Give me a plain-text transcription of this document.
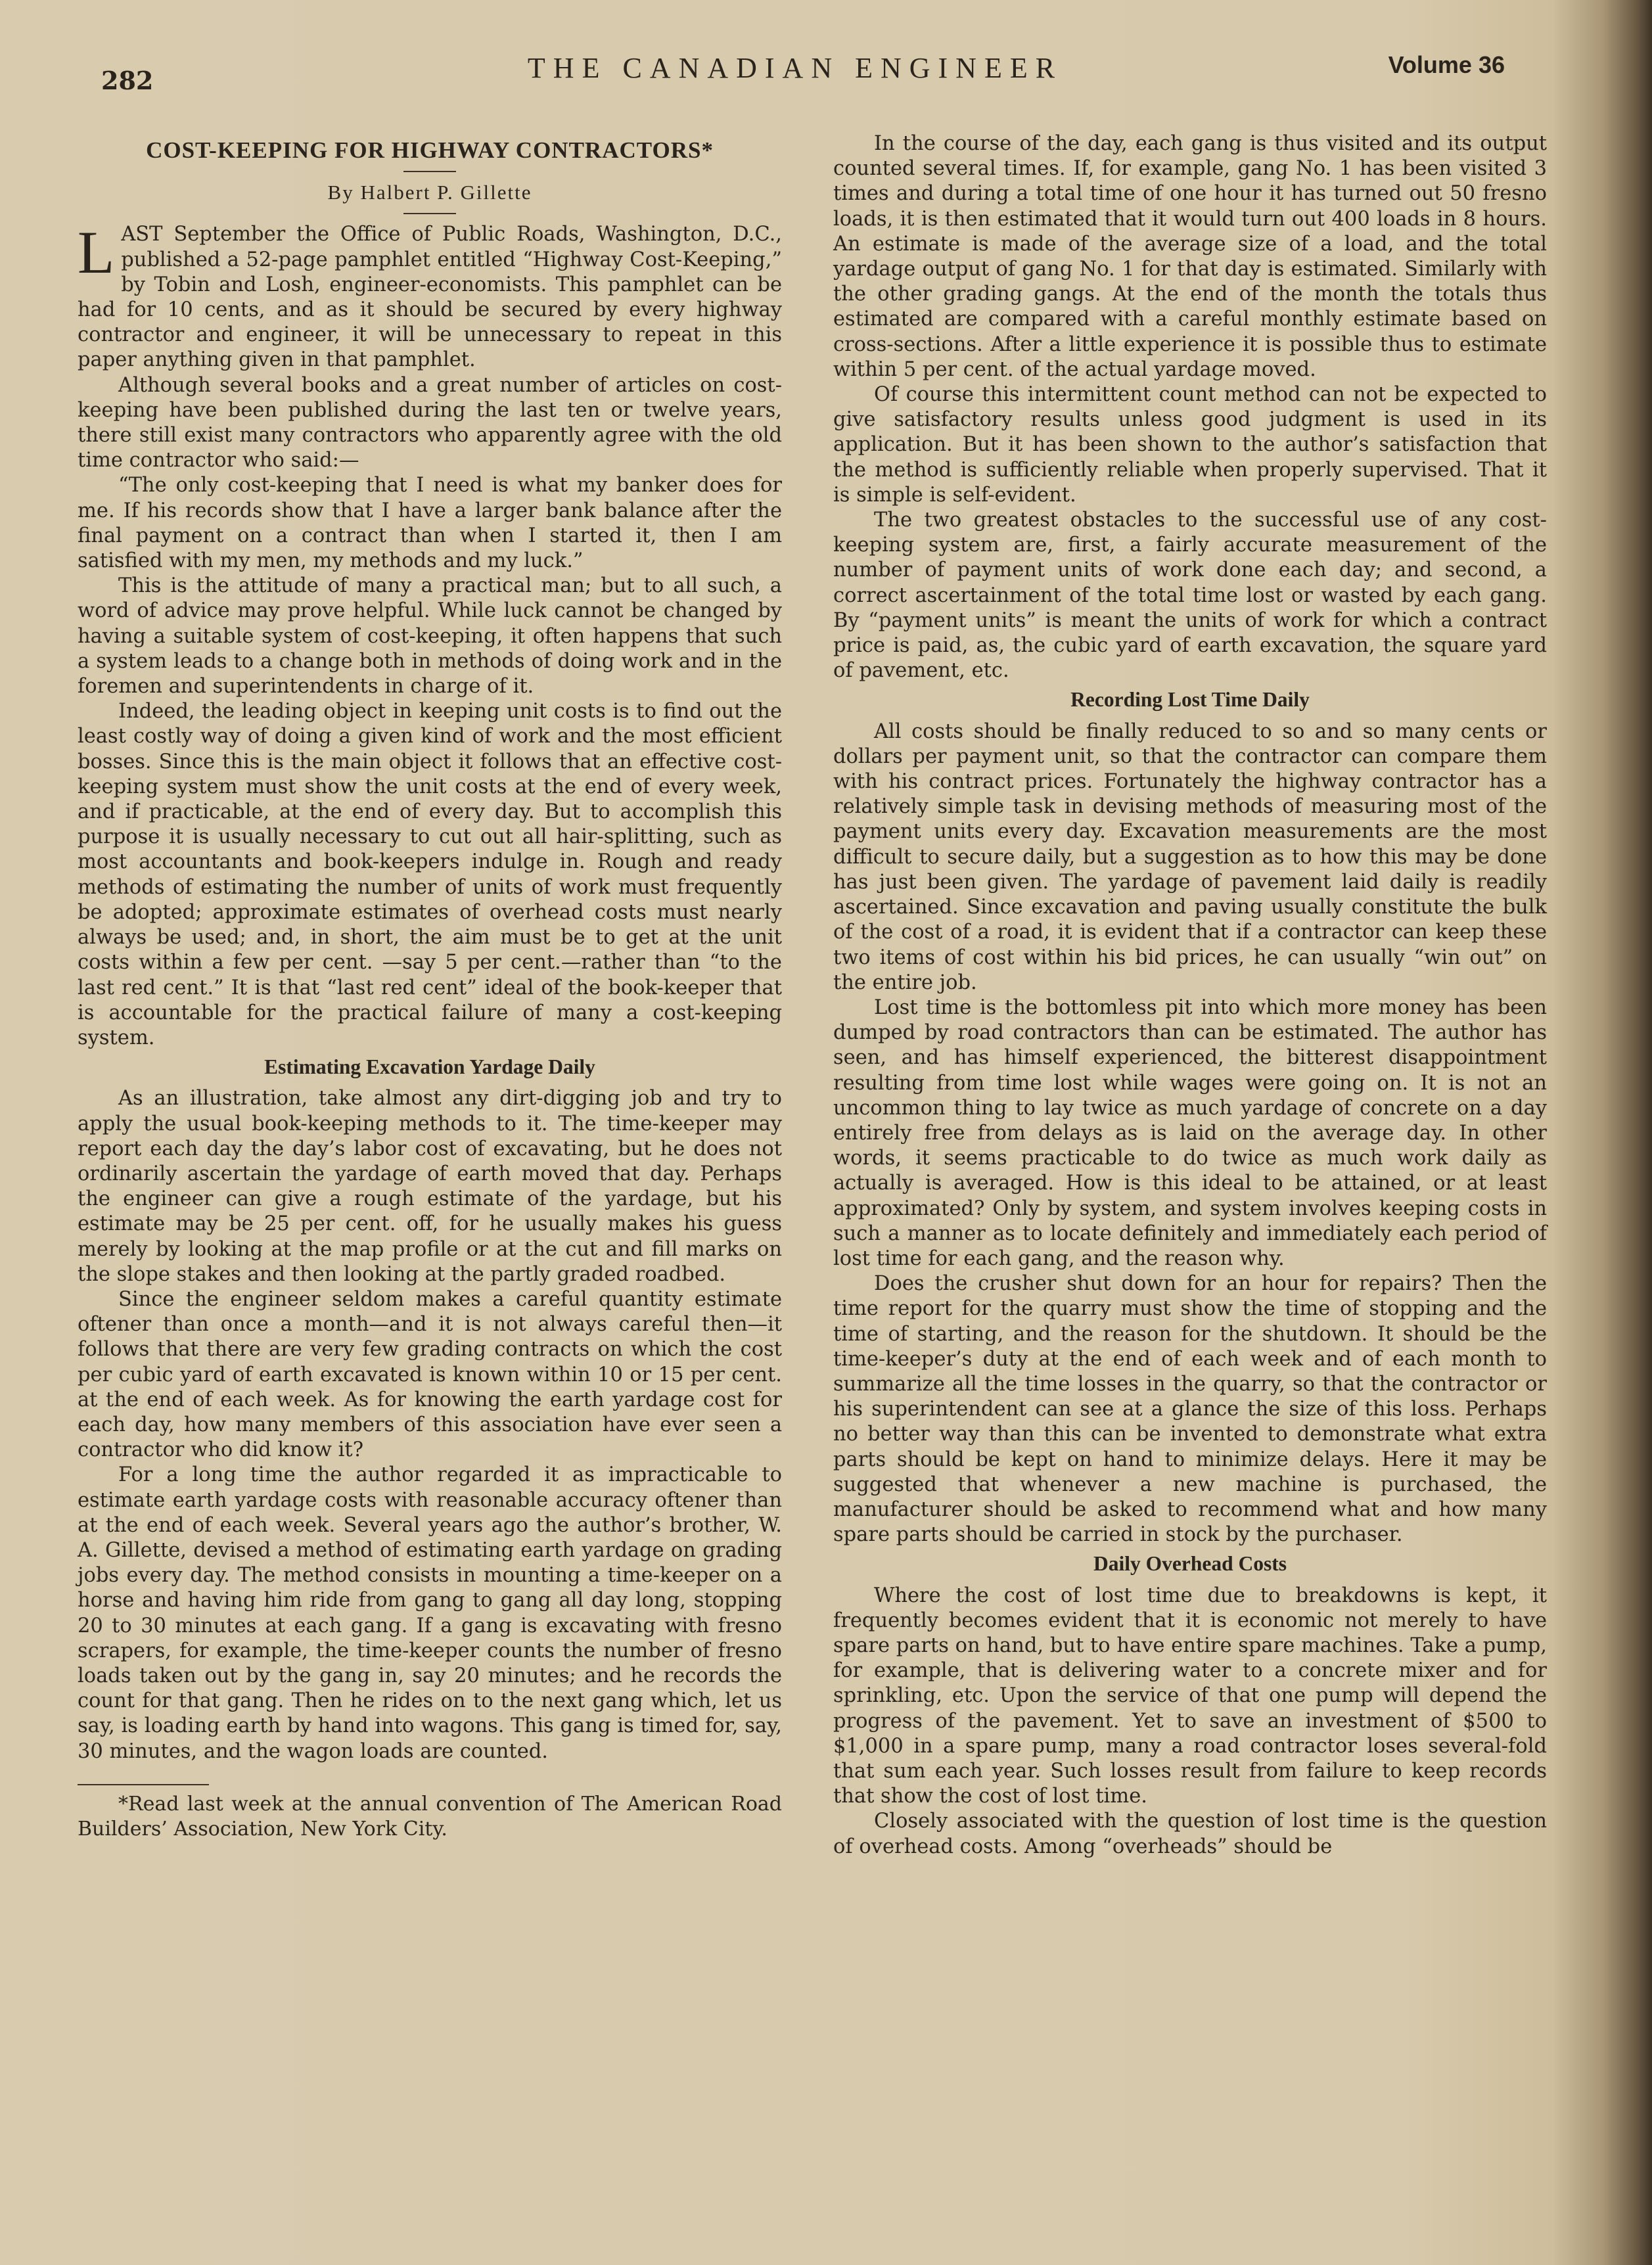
282	THE CANADIAN ENGINEER	Volume 36
COST-KEEPING FOR HIGHWAY CONTRACTORS*
By Halbert P. Gillette

LAST September the Office of Public Roads, Washington, D.C., published a 52-page pamphlet entitled “Highway Cost-Keeping,” by Tobin and Losh, engineer-economists. This pamphlet can be had for 10 cents, and as it should be secured by every highway contractor and engineer, it will be unnecessary to repeat in this paper anything given in that pamphlet.

Although several books and a great number of articles on cost-keeping have been published during the last ten or twelve years, there still exist many contractors who apparently agree with the old time contractor who said:—

“The only cost-keeping that I need is what my banker does for me. If his records show that I have a larger bank balance after the final payment on a contract than when I started it, then I am satisfied with my men, my methods and my luck.”

This is the attitude of many a practical man; but to all such, a word of advice may prove helpful. While luck cannot be changed by having a suitable system of cost-keeping, it often happens that such a system leads to a change both in methods of doing work and in the foremen and superintendents in charge of it.

Indeed, the leading object in keeping unit costs is to find out the least costly way of doing a given kind of work and the most efficient bosses. Since this is the main object it follows that an effective cost-keeping system must show the unit costs at the end of every week, and if practicable, at the end of every day. But to accomplish this purpose it is usually necessary to cut out all hair-splitting, such as most accountants and book-keepers indulge in. Rough and ready methods of estimating the number of units of work must frequently be adopted; approximate estimates of overhead costs must nearly always be used; and, in short, the aim must be to get at the unit costs within a few per cent. —say 5 per cent.—rather than “to the last red cent.” It is that “last red cent” ideal of the book-keeper that is accountable for the practical failure of many a cost-keeping system.

Estimating Excavation Yardage Daily

As an illustration, take almost any dirt-digging job and try to apply the usual book-keeping methods to it. The time-keeper may report each day the day’s labor cost of excavating, but he does not ordinarily ascertain the yardage of earth moved that day. Perhaps the engineer can give a rough estimate of the yardage, but his estimate may be 25 per cent. off, for he usually makes his guess merely by looking at the map profile or at the cut and fill marks on the slope stakes and then looking at the partly graded roadbed.

Since the engineer seldom makes a careful quantity estimate oftener than once a month—and it is not always careful then—it follows that there are very few grading contracts on which the cost per cubic yard of earth excavated is known within 10 or 15 per cent. at the end of each week. As for knowing the earth yardage cost for each day, how many members of this association have ever seen a contractor who did know it?

For a long time the author regarded it as impracticable to estimate earth yardage costs with reasonable accuracy oftener than at the end of each week. Several years ago the author’s brother, W. A. Gillette, devised a method of estimating earth yardage on grading jobs every day. The method consists in mounting a time-keeper on a horse and having him ride from gang to gang all day long, stopping 20 to 30 minutes at each gang. If a gang is excavating with fresno scrapers, for example, the time-keeper counts the number of fresno loads taken out by the gang in, say 20 minutes; and he records the count for that gang. Then he rides on to the next gang which, let us say, is loading earth by hand into wagons. This gang is timed for, say, 30 minutes, and the wagon loads are counted.

*Read last week at the annual convention of The American Road Builders’ Association, New York City.

In the course of the day, each gang is thus visited and its output counted several times. If, for example, gang No. 1 has been visited 3 times and during a total time of one hour it has turned out 50 fresno loads, it is then estimated that it would turn out 400 loads in 8 hours. An estimate is made of the average size of a load, and the total yardage output of gang No. 1 for that day is estimated. Similarly with the other grading gangs. At the end of the month the totals thus estimated are compared with a careful monthly estimate based on cross-sections. After a little experience it is possible thus to estimate within 5 per cent. of the actual yardage moved.

Of course this intermittent count method can not be expected to give satisfactory results unless good judgment is used in its application. But it has been shown to the author’s satisfaction that the method is sufficiently reliable when properly supervised. That it is simple is self-evident.

The two greatest obstacles to the successful use of any cost-keeping system are, first, a fairly accurate measurement of the number of payment units of work done each day; and second, a correct ascertainment of the total time lost or wasted by each gang. By “payment units” is meant the units of work for which a contract price is paid, as, the cubic yard of earth excavation, the square yard of pavement, etc.

Recording Lost Time Daily

All costs should be finally reduced to so and so many cents or dollars per payment unit, so that the contractor can compare them with his contract prices. Fortunately the highway contractor has a relatively simple task in devising methods of measuring most of the payment units every day. Excavation measurements are the most difficult to secure daily, but a suggestion as to how this may be done has just been given. The yardage of pavement laid daily is readily ascertained. Since excavation and paving usually constitute the bulk of the cost of a road, it is evident that if a contractor can keep these two items of cost within his bid prices, he can usually “win out” on the entire job.

Lost time is the bottomless pit into which more money has been dumped by road contractors than can be estimated. The author has seen, and has himself experienced, the bitterest disappointment resulting from time lost while wages were going on. It is not an uncommon thing to lay twice as much yardage of concrete on a day entirely free from delays as is laid on the average day. In other words, it seems practicable to do twice as much work daily as actually is averaged. How is this ideal to be attained, or at least approximated? Only by system, and system involves keeping costs in such a manner as to locate definitely and immediately each period of lost time for each gang, and the reason why.

Does the crusher shut down for an hour for repairs? Then the time report for the quarry must show the time of stopping and the time of starting, and the reason for the shutdown. It should be the time-keeper’s duty at the end of each week and of each month to summarize all the time losses in the quarry, so that the contractor or his superintendent can see at a glance the size of this loss. Perhaps no better way than this can be invented to demonstrate what extra parts should be kept on hand to minimize delays. Here it may be suggested that whenever a new machine is purchased, the manufacturer should be asked to recommend what and how many spare parts should be carried in stock by the purchaser.

Daily Overhead Costs

Where the cost of lost time due to breakdowns is kept, it frequently becomes evident that it is economic not merely to have spare parts on hand, but to have entire spare machines. Take a pump, for example, that is delivering water to a concrete mixer and for sprinkling, etc. Upon the service of that one pump will depend the progress of the pavement. Yet to save an investment of $500 to $1,000 in a spare pump, many a road contractor loses several-fold that sum each year. Such losses result from failure to keep records that show the cost of lost time.

Closely associated with the question of lost time is the question of overhead costs. Among “overheads” should be
